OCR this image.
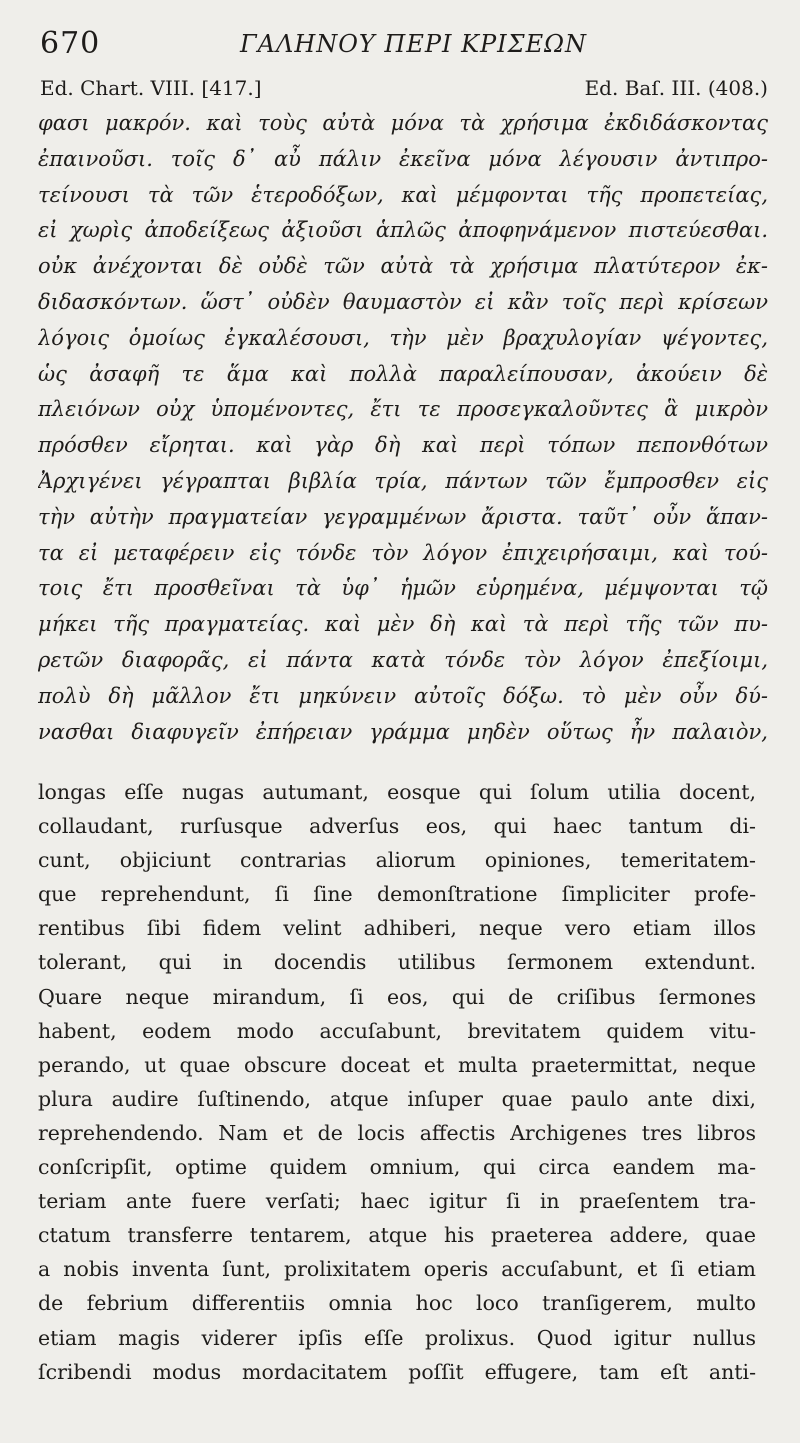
670	ΓΑΛΗΝΟΥ ΠΕΡΙ ΚΡΙΣΕΩΝ
Ed. Chart. VIII. [417.]	Ed. Baſ. III. (408.)
φασι μακρόν. καὶ τοὺς αὐτὰ μόνα τὰ χρήσιμα ἐκδιδάσκοντας
ἐπαινοῦσι. τοῖς δ᾽ αὖ πάλιν ἐκεῖνα μόνα λέγουσιν ἀντιπρο-
τείνουσι τὰ τῶν ἑτεροδόξων, καὶ μέμφονται τῆς προπετείας,
εἰ χωρὶς ἀποδείξεως ἀξιοῦσι ἁπλῶς ἀποφηνάμενον πιστεύεσθαι.
οὐκ ἀνέχονται δὲ οὐδὲ τῶν αὐτὰ τὰ χρήσιμα πλατύτερον ἐκ-
διδασκόντων. ὥστ᾽ οὐδὲν θαυμαστὸν εἰ κἂν τοῖς περὶ κρίσεων
λόγοις ὁμοίως ἐγκαλέσουσι, τὴν μὲν βραχυλογίαν ψέγοντες,
ὡς ἀσαφῆ τε ἅμα καὶ πολλὰ παραλείπουσαν, ἀκούειν δὲ
πλειόνων οὐχ ὑπομένοντες, ἔτι τε προσεγκαλοῦντες ἃ μικρὸν
πρόσθεν εἴρηται. καὶ γὰρ δὴ καὶ περὶ τόπων πεπονθότων
Ἀρχιγένει γέγραπται βιβλία τρία, πάντων τῶν ἔμπροσθεν εἰς
τὴν αὐτὴν πραγματείαν γεγραμμένων ἄριστα. ταῦτ᾽ οὖν ἅπαν-
τα εἰ μεταφέρειν εἰς τόνδε τὸν λόγον ἐπιχειρήσαιμι, καὶ τού-
τοις ἔτι προσθεῖναι τὰ ὑφ᾽ ἡμῶν εὑρημένα, μέμψονται τῷ
μήκει τῆς πραγματείας. καὶ μὲν δὴ καὶ τὰ περὶ τῆς τῶν πυ-
ρετῶν διαφορᾶς, εἰ πάντα κατὰ τόνδε τὸν λόγον ἐπεξίοιμι,
πολὺ δὴ μᾶλλον ἔτι μηκύνειν αὐτοῖς δόξω. τὸ μὲν οὖν δύ-
νασθαι διαφυγεῖν ἐπήρειαν γράμμα μηδὲν οὕτως ἦν παλαιὸν,
longas eſſe nugas autumant, eosque qui ſolum utilia docent,
collaudant, rurſusque adverſus eos, qui haec tantum di-
cunt, objiciunt contrarias aliorum opiniones, temeritatem-
que reprehendunt, ſi ſine demonſtratione ſimpliciter profe-
rentibus ſibi fidem velint adhiberi, neque vero etiam illos
tolerant, qui in docendis utilibus ſermonem extendunt.
Quare neque mirandum, ſi eos, qui de criſibus ſermones
habent, eodem modo accuſabunt, brevitatem quidem vitu-
perando, ut quae obscure doceat et multa praetermittat, neque
plura audire ſuſtinendo, atque inſuper quae paulo ante dixi,
reprehendendo. Nam et de locis affectis Archigenes tres libros
conſcripſit, optime quidem omnium, qui circa eandem ma-
teriam ante fuere verſati; haec igitur ſi in praeſentem tra-
ctatum transferre tentarem, atque his praeterea addere, quae
a nobis inventa ſunt, prolixitatem operis accuſabunt, et ſi etiam
de febrium differentiis omnia hoc loco tranſigerem, multo
etiam magis viderer ipſis eſſe prolixus. Quod igitur nullus
ſcribendi modus mordacitatem poſſit effugere, tam eſt anti-
